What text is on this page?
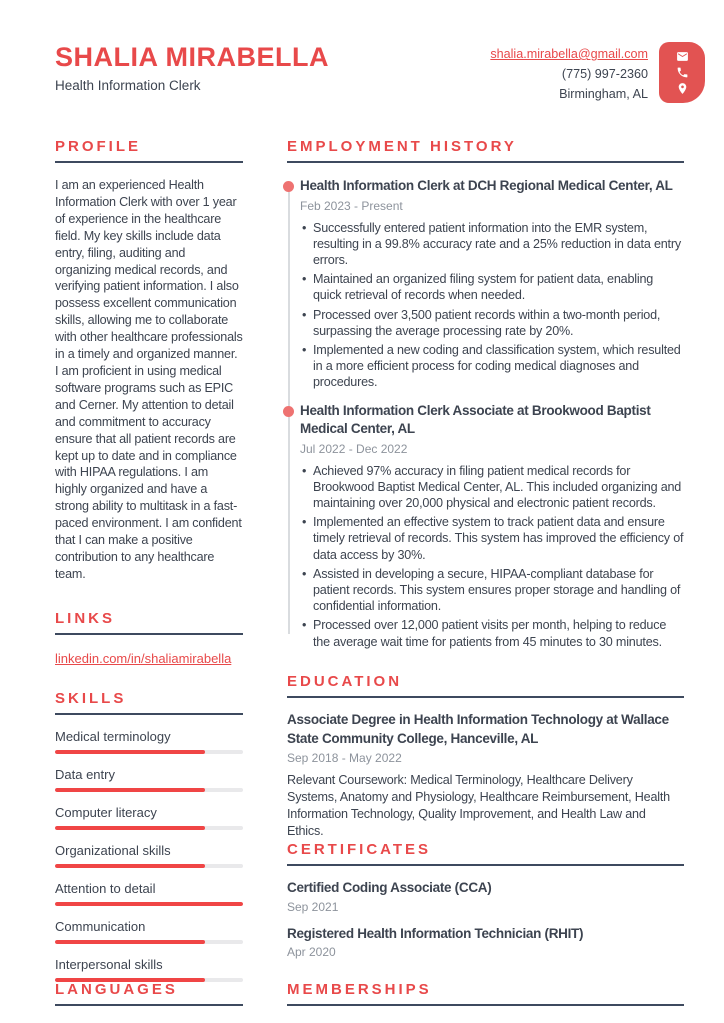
SHALIA MIRABELLA
Health Information Clerk
shalia.mirabella@gmail.com
(775) 997-2360
Birmingham, AL
PROFILE
I am an experienced Health Information Clerk with over 1 year of experience in the healthcare field. My key skills include data entry, filing, auditing and organizing medical records, and verifying patient information. I also possess excellent communication skills, allowing me to collaborate with other healthcare professionals in a timely and organized manner. I am proficient in using medical software programs such as EPIC and Cerner. My attention to detail and commitment to accuracy ensure that all patient records are kept up to date and in compliance with HIPAA regulations. I am highly organized and have a strong ability to multitask in a fast-paced environment. I am confident that I can make a positive contribution to any healthcare team.
LINKS
linkedin.com/in/shaliamirabella
SKILLS
Medical terminology
Data entry
Computer literacy
Organizational skills
Attention to detail
Communication
Interpersonal skills
LANGUAGES
EMPLOYMENT HISTORY
Health Information Clerk at DCH Regional Medical Center, AL
Feb 2023 - Present
• Successfully entered patient information into the EMR system, resulting in a 99.8% accuracy rate and a 25% reduction in data entry errors.
• Maintained an organized filing system for patient data, enabling quick retrieval of records when needed.
• Processed over 3,500 patient records within a two-month period, surpassing the average processing rate by 20%.
• Implemented a new coding and classification system, which resulted in a more efficient process for coding medical diagnoses and procedures.
Health Information Clerk Associate at Brookwood Baptist Medical Center, AL
Jul 2022 - Dec 2022
• Achieved 97% accuracy in filing patient medical records for Brookwood Baptist Medical Center, AL. This included organizing and maintaining over 20,000 physical and electronic patient records.
• Implemented an effective system to track patient data and ensure timely retrieval of records. This system has improved the efficiency of data access by 30%.
• Assisted in developing a secure, HIPAA-compliant database for patient records. This system ensures proper storage and handling of confidential information.
• Processed over 12,000 patient visits per month, helping to reduce the average wait time for patients from 45 minutes to 30 minutes.
EDUCATION
Associate Degree in Health Information Technology at Wallace State Community College, Hanceville, AL
Sep 2018 - May 2022
Relevant Coursework: Medical Terminology, Healthcare Delivery Systems, Anatomy and Physiology, Healthcare Reimbursement, Health Information Technology, Quality Improvement, and Health Law and Ethics.
CERTIFICATES
Certified Coding Associate (CCA)
Sep 2021
Registered Health Information Technician (RHIT)
Apr 2020
MEMBERSHIPS
